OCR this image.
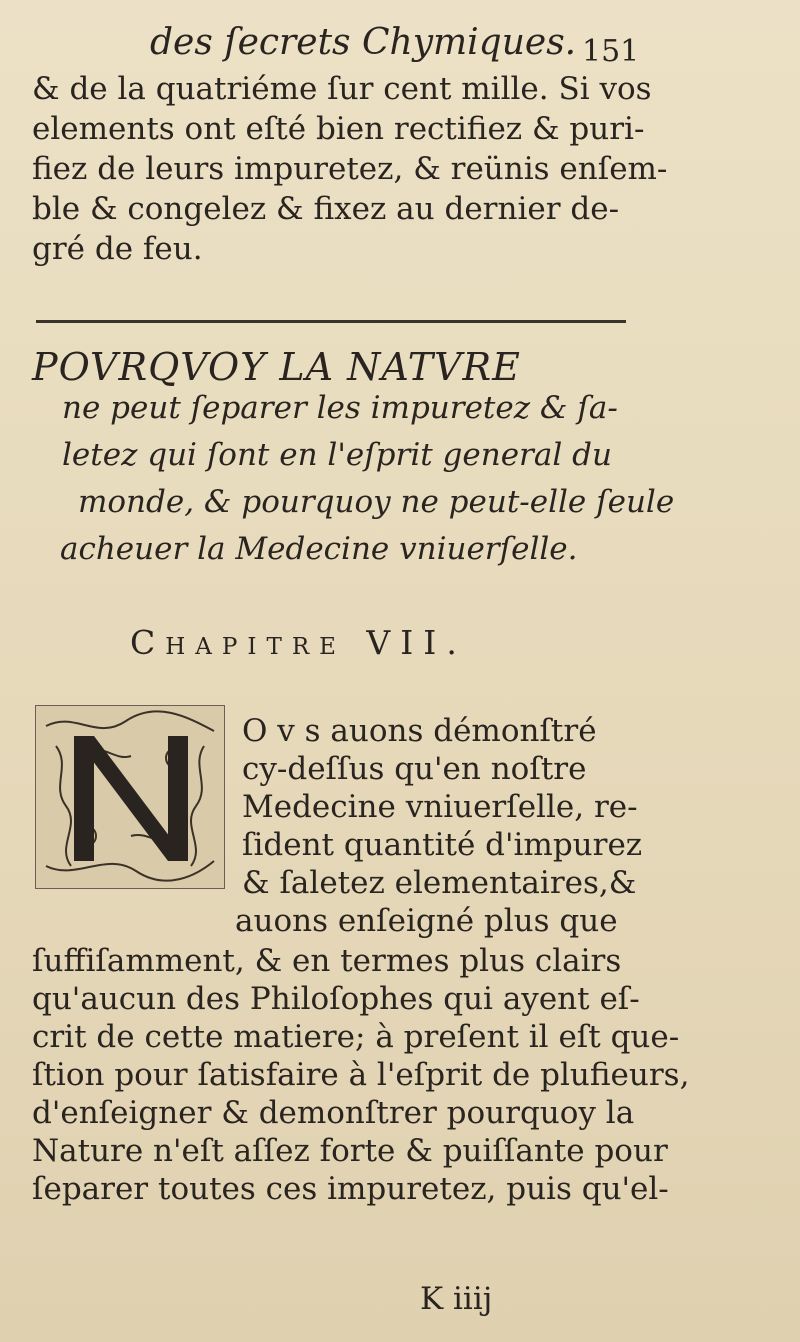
des ſecrets Chymiques. 151
& de la quatriéme ſur cent mille. Si vos
elements ont eſté bien rectifiez & puri-
fiez de leurs impuretez, & reünis enſem-
ble & congelez & fixez au dernier de-
gré de feu.
POVRQVOY LA NATVRE
ne peut ſeparer les impuretez & ſa-
letez qui ſont en l'eſprit general du
monde, & pourquoy ne peut-elle ſeule
acheuer la Medecine vniuerſelle.
Chapitre VII.
N
O v s auons démonſtré
cy-deſſus qu'en noſtre
Medecine vniuerſelle, re-
ſident quantité d'impurez
& ſaletez elementaires,&
auons enſeigné plus que
ſuffiſamment, & en termes plus clairs
qu'aucun des Philoſophes qui ayent eſ-
crit de cette matiere; à preſent il eſt que-
ſtion pour ſatisfaire à l'eſprit de plufieurs,
d'enſeigner & demonſtrer pourquoy la
Nature n'eſt aſſez forte & puiſſante pour
ſeparer toutes ces impuretez, puis qu'el-
K iiij
